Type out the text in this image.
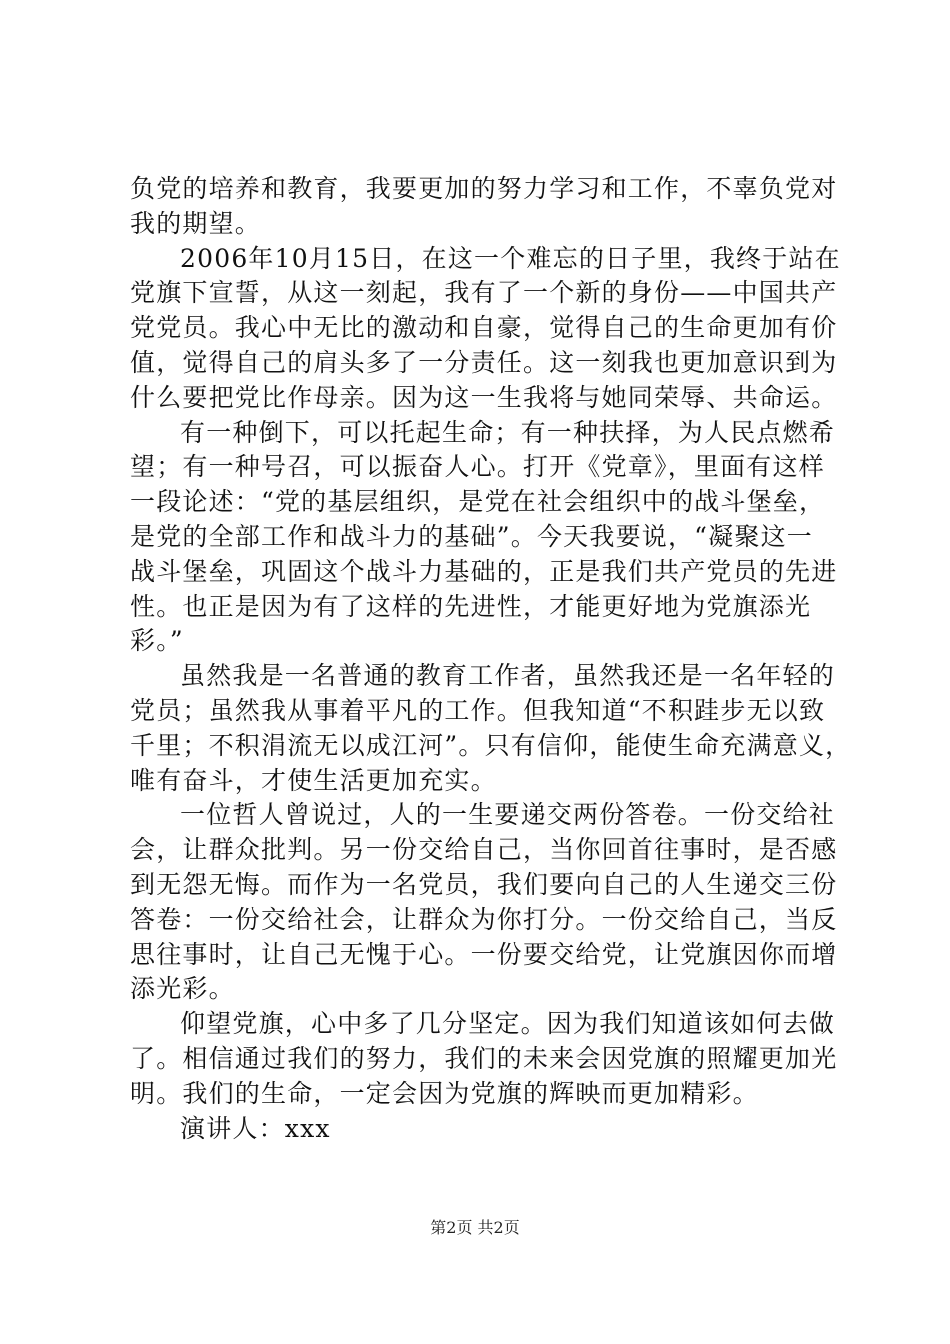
负党的培养和教育，我要更加的努力学习和工作，不辜负党对
我的期望。
2006年10月15日，在这一个难忘的日子里，我终于站在
党旗下宣誓，从这一刻起，我有了一个新的身份——中国共产
党党员。我心中无比的激动和自豪，觉得自己的生命更加有价
值，觉得自己的肩头多了一分责任。这一刻我也更加意识到为
什么要把党比作母亲。因为这一生我将与她同荣辱、共命运。
有一种倒下，可以托起生命；有一种扶择，为人民点燃希
望；有一种号召，可以振奋人心。打开《党章》，里面有这样
一段论述：“党的基层组织，是党在社会组织中的战斗堡垒，
是党的全部工作和战斗力的基础”。今天我要说，“凝聚这一
战斗堡垒，巩固这个战斗力基础的，正是我们共产党员的先进
性。也正是因为有了这样的先进性，才能更好地为党旗添光
彩。”
虽然我是一名普通的教育工作者，虽然我还是一名年轻的
党员；虽然我从事着平凡的工作。但我知道“不积跬步无以致
千里；不积涓流无以成江河”。只有信仰，能使生命充满意义，
唯有奋斗，才使生活更加充实。
一位哲人曾说过，人的一生要递交两份答卷。一份交给社
会，让群众批判。另一份交给自己，当你回首往事时，是否感
到无怨无悔。而作为一名党员，我们要向自己的人生递交三份
答卷：一份交给社会，让群众为你打分。一份交给自己，当反
思往事时，让自己无愧于心。一份要交给党，让党旗因你而增
添光彩。
仰望党旗，心中多了几分坚定。因为我们知道该如何去做
了。相信通过我们的努力，我们的未来会因党旗的照耀更加光
明。我们的生命，一定会因为党旗的辉映而更加精彩。
演讲人：xxx
第2页 共2页
